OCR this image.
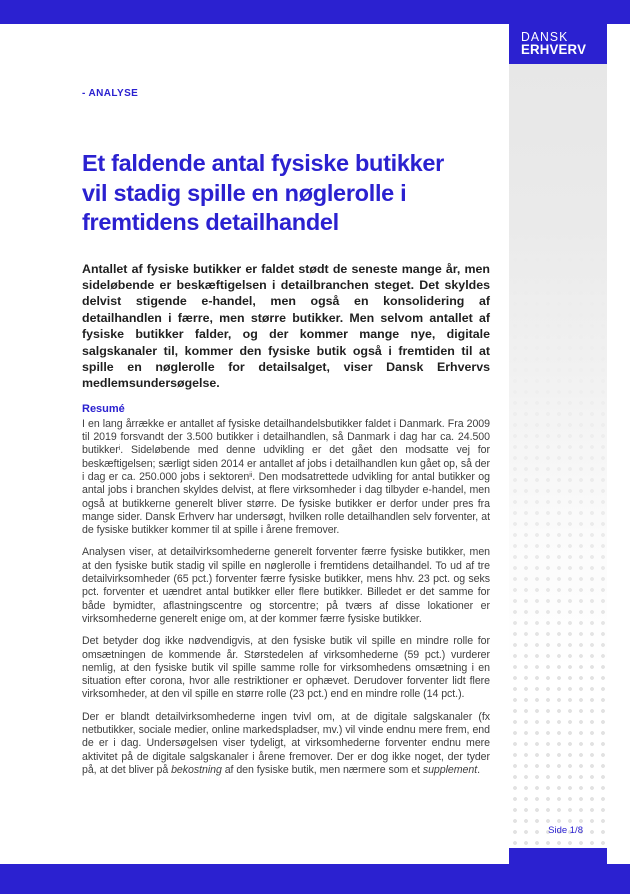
DANSK
ERHVERV
Side 1/8
- ANALYSE
Et faldende antal fysiske butikker
vil stadig spille en nøglerolle i
fremtidens detailhandel

Antallet af fysiske butikker er faldet stødt de seneste mange år, men sideløbende er beskæftigelsen i detailbranchen steget. Det skyldes delvist stigende e-handel, men også en konsolidering af detailhandlen i færre, men større butikker. Men selvom antallet af fysiske butikker falder, og der kommer mange nye, digitale salgskanaler til, kommer den fysiske butik også i fremtiden til at spille en nøglerolle for detailsalget, viser Dansk Erhvervs medlemsundersøgelse.

Resumé

I en lang årrække er antallet af fysiske detailhandelsbutikker faldet i Danmark. Fra 2009 til 2019 forsvandt der 3.500 butikker i detailhandlen, så Danmark i dag har ca. 24.500 butikker$^i$. Sideløbende med denne udvikling er det gået den modsatte vej for beskæftigelsen; særligt siden 2014 er antallet af jobs i detailhandlen kun gået op, så der i dag er ca. 250.000 jobs i sektoren$^{ii}$. Den modsatrettede udvikling for antal butikker og antal jobs i branchen skyldes delvist, at flere virksomheder i dag tilbyder e-handel, men også at butikkerne generelt bliver større. De fysiske butikker er derfor under pres fra mange sider. Dansk Erhverv har undersøgt, hvilken rolle detailhandlen selv forventer, at de fysiske butikker kommer til at spille i årene fremover.

Analysen viser, at detailvirksomhederne generelt forventer færre fysiske butikker, men at den fysiske butik stadig vil spille en nøglerolle i fremtidens detailhandel. To ud af tre detailvirksomheder (65 pct.) forventer færre fysiske butikker, mens hhv. 23 pct. og seks pct. forventer et uændret antal butikker eller flere butikker. Billedet er det samme for både bymidter, aflastningscentre og storcentre; på tværs af disse lokationer er virksomhederne generelt enige om, at der kommer færre fysiske butikker.

Det betyder dog ikke nødvendigvis, at den fysiske butik vil spille en mindre rolle for omsætningen de kommende år. Størstedelen af virksomhederne (59 pct.) vurderer nemlig, at den fysiske butik vil spille samme rolle for virksomhedens omsætning i en situation efter corona, hvor alle restriktioner er ophævet. Derudover forventer lidt flere virksomheder, at den vil spille en større rolle (23 pct.) end en mindre rolle (14 pct.).

Der er blandt detailvirksomhederne ingen tvivl om, at de digitale salgskanaler (fx netbutikker, sociale medier, online markedspladser, mv.) vil vinde endnu mere frem, end de er i dag. Undersøgelsen viser tydeligt, at virksomhederne forventer endnu mere aktivitet på de digitale salgskanaler i årene fremover. Der er dog ikke noget, der tyder på, at det bliver på bekostning af den fysiske butik, men nærmere som et supplement.
